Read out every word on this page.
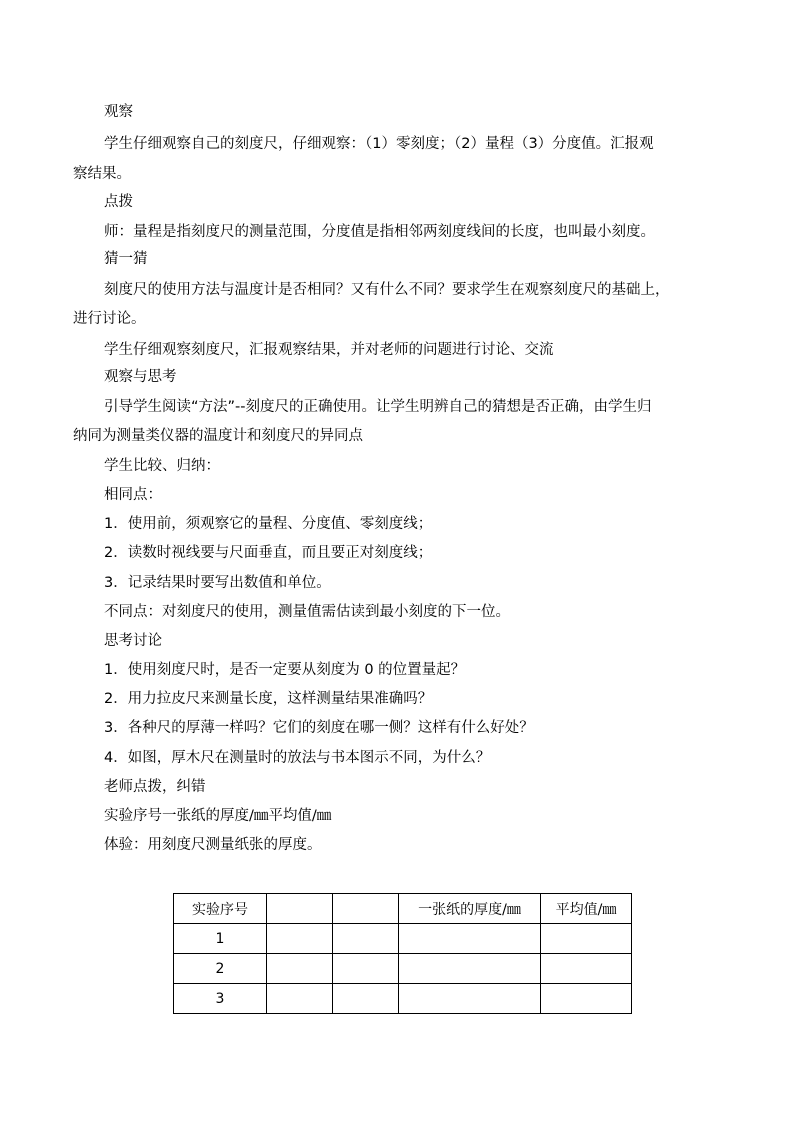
观察
学生仔细观察自己的刻度尺，仔细观察：（1）零刻度；（2）量程（3）分度值。汇报观
察结果。
点拨
师：量程是指刻度尺的测量范围，分度值是指相邻两刻度线间的长度，也叫最小刻度。
猜一猜
刻度尺的使用方法与温度计是否相同？又有什么不同？要求学生在观察刻度尺的基础上，
进行讨论。
学生仔细观察刻度尺，汇报观察结果，并对老师的问题进行讨论、交流
观察与思考
引导学生阅读“方法”--刻度尺的正确使用。让学生明辨自己的猜想是否正确，由学生归
纳同为测量类仪器的温度计和刻度尺的异同点
学生比较、归纳：
相同点：
1．使用前，须观察它的量程、分度值、零刻度线；
2．读数时视线要与尺面垂直，而且要正对刻度线；
3．记录结果时要写出数值和单位。
不同点：对刻度尺的使用，测量值需估读到最小刻度的下一位。
思考讨论
1．使用刻度尺时，是否一定要从刻度为 0 的位置量起？
2．用力拉皮尺来测量长度，这样测量结果准确吗？
3．各种尺的厚薄一样吗？它们的刻度在哪一侧？这样有什么好处？
4．如图，厚木尺在测量时的放法与书本图示不同，为什么？
老师点拨，纠错
实验序号一张纸的厚度/㎜平均值/㎜
体验：用刻度尺测量纸张的厚度。
实验序号			一张纸的厚度/㎜	平均值/㎜
1				
2				
3				
